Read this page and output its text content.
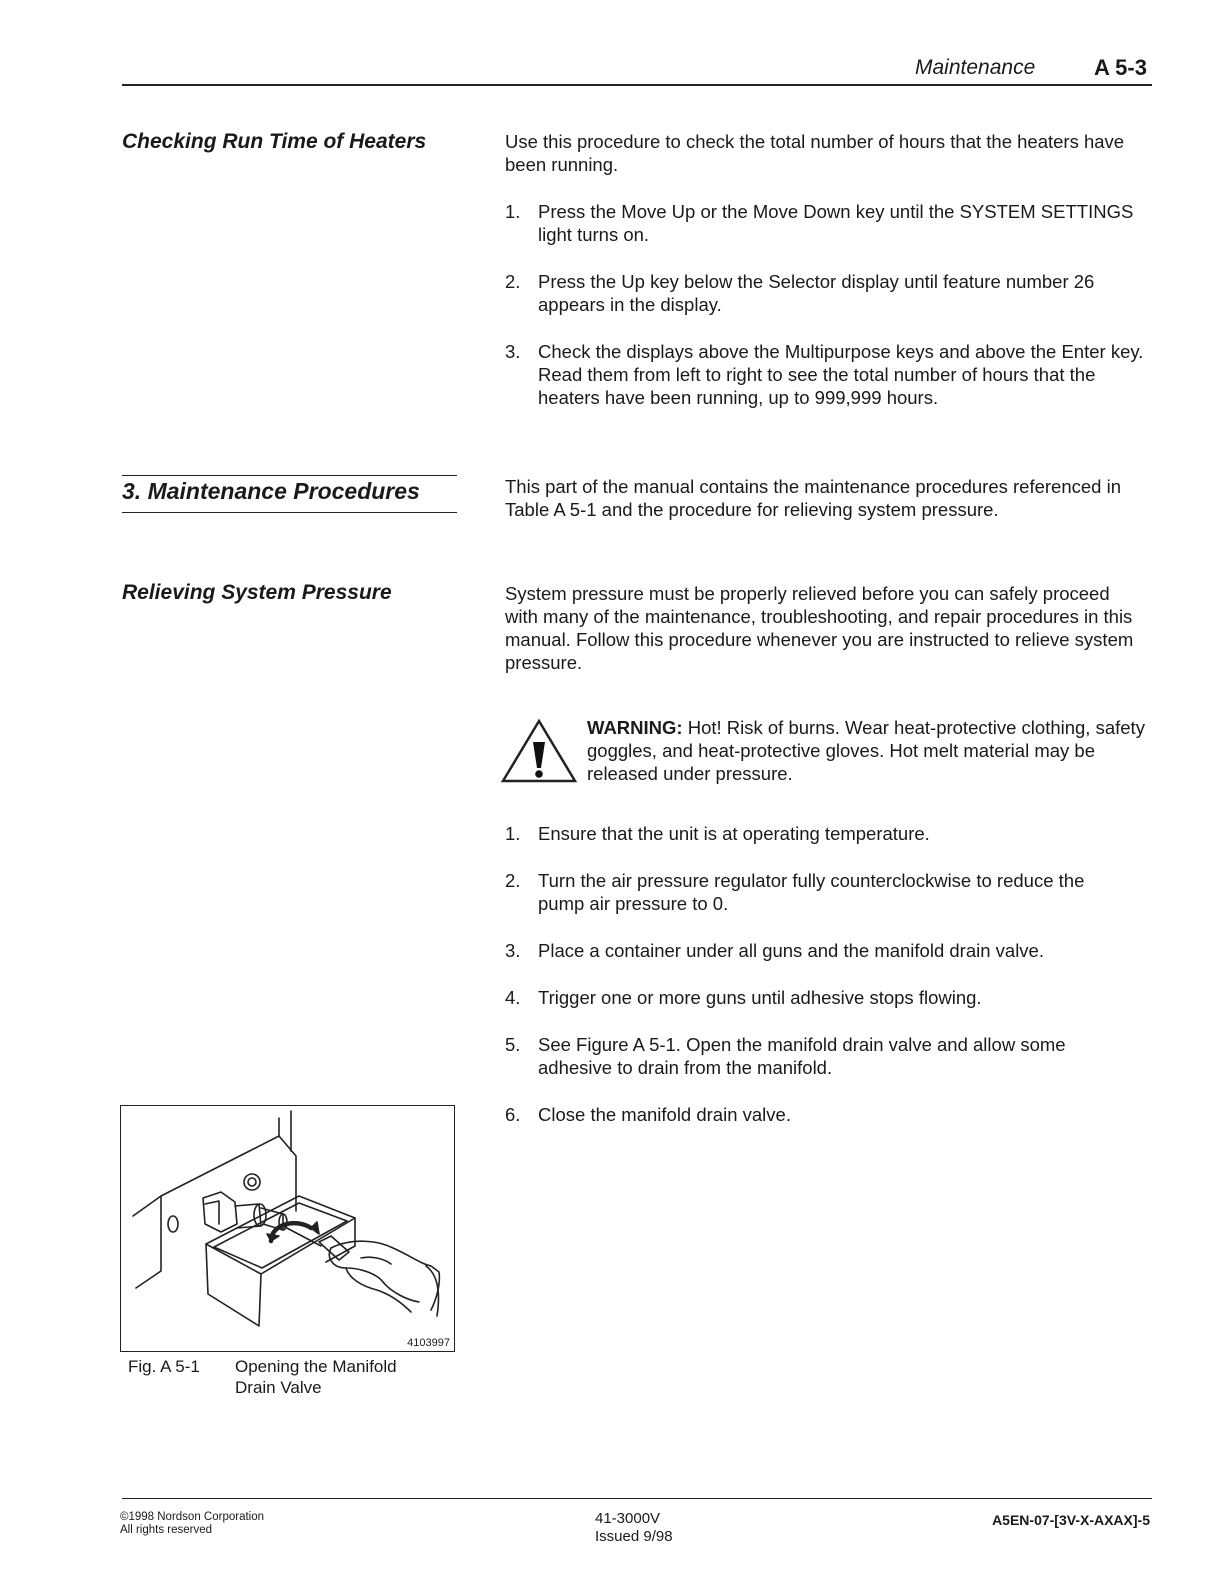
Maintenance	A 5-3
Checking Run Time of Heaters	Use this procedure to check the total number of hours that the heaters have been running.
1. Press the Move Up or the Move Down key until the SYSTEM SETTINGS light turns on.
2. Press the Up key below the Selector display until feature number 26 appears in the display.
3. Check the displays above the Multipurpose keys and above the Enter key. Read them from left to right to see the total number of hours that the heaters have been running, up to 999,999 hours.
3. Maintenance Procedures	This part of the manual contains the maintenance procedures referenced in Table A 5-1 and the procedure for relieving system pressure.
Relieving System Pressure	System pressure must be properly relieved before you can safely proceed with many of the maintenance, troubleshooting, and repair procedures in this manual. Follow this procedure whenever you are instructed to relieve system pressure.
WARNING: Hot! Risk of burns. Wear heat-protective clothing, safety goggles, and heat-protective gloves. Hot melt material may be released under pressure.
1. Ensure that the unit is at operating temperature.
2. Turn the air pressure regulator fully counterclockwise to reduce the pump air pressure to 0.
3. Place a container under all guns and the manifold drain valve.
4. Trigger one or more guns until adhesive stops flowing.
5. See Figure A 5-1. Open the manifold drain valve and allow some adhesive to drain from the manifold.
6. Close the manifold drain valve.
4103997
Fig. A 5-1 Opening the Manifold
Drain Valve
©1998 Nordson Corporation
All rights reserved
41-3000V
Issued 9/98
A5EN-07-[3V-X-AXAX]-5
